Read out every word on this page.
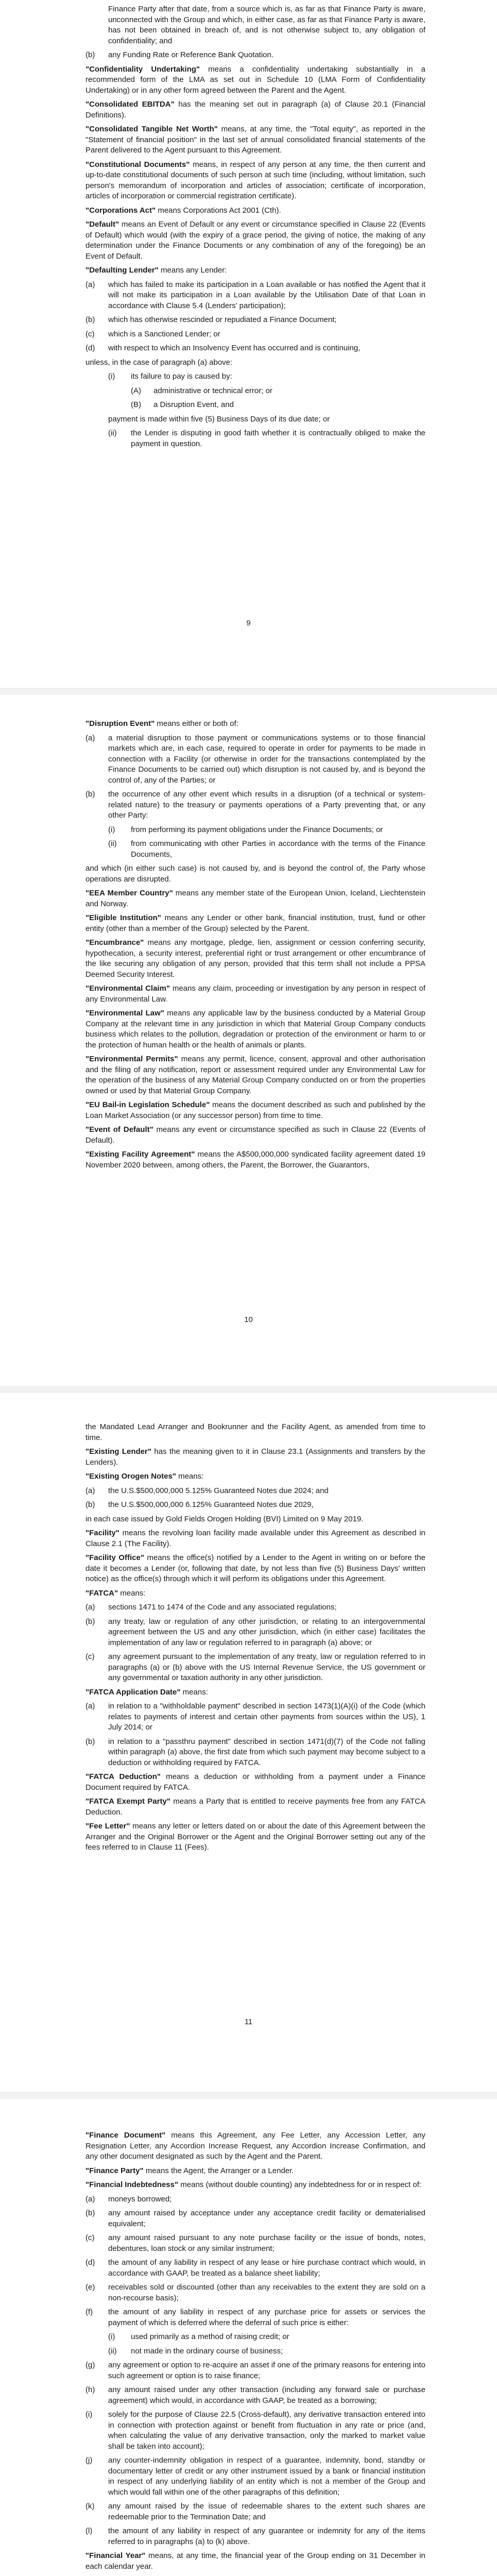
Finance Party after that date, from a source which is, as far as that Finance Party is aware, unconnected with the Group and which, in either case, as far as that Finance Party is aware, has not been obtained in breach of, and is not otherwise subject to, any obligation of confidentiality; and

(b)	any Funding Rate or Reference Bank Quotation.

"Confidentiality Undertaking" means a confidentiality undertaking substantially in a recommended form of the LMA as set out in Schedule 10 (LMA Form of Confidentiality Undertaking) or in any other form agreed between the Parent and the Agent.

"Consolidated EBITDA" has the meaning set out in paragraph (a) of Clause 20.1 (Financial Definitions).

"Consolidated Tangible Net Worth" means, at any time, the "Total equity", as reported in the "Statement of financial position" in the last set of annual consolidated financial statements of the Parent delivered to the Agent pursuant to this Agreement.

"Constitutional Documents" means, in respect of any person at any time, the then current and up-to-date constitutional documents of such person at such time (including, without limitation, such person's memorandum of incorporation and articles of association; certificate of incorporation, articles of incorporation or commercial registration certificate).

"Corporations Act" means Corporations Act 2001 (Cth).

"Default" means an Event of Default or any event or circumstance specified in Clause 22 (Events of Default) which would (with the expiry of a grace period, the giving of notice, the making of any determination under the Finance Documents or any combination of any of the foregoing) be an Event of Default.

"Defaulting Lender" means any Lender:

(a)	which has failed to make its participation in a Loan available or has notified the Agent that it will not make its participation in a Loan available by the Utilisation Date of that Loan in accordance with Clause 5.4 (Lenders' participation);
(b)	which has otherwise rescinded or repudiated a Finance Document;
(c)	which is a Sanctioned Lender; or
(d)	with respect to which an Insolvency Event has occurred and is continuing,

unless, in the case of paragraph (a) above:

(i)	its failure to pay is caused by:
(A)	administrative or technical error; or
(B)	a Disruption Event, and

payment is made within five (5) Business Days of its due date; or

(ii)	the Lender is disputing in good faith whether it is contractually obliged to make the payment in question.
9

"Disruption Event" means either or both of:

(a)	a material disruption to those payment or communications systems or to those financial markets which are, in each case, required to operate in order for payments to be made in connection with a Facility (or otherwise in order for the transactions contemplated by the Finance Documents to be carried out) which disruption is not caused by, and is beyond the control of, any of the Parties; or
(b)	the occurrence of any other event which results in a disruption (of a technical or system-related nature) to the treasury or payments operations of a Party preventing that, or any other Party:
(i)	from performing its payment obligations under the Finance Documents; or
(ii)	from communicating with other Parties in accordance with the terms of the Finance Documents,

and which (in either such case) is not caused by, and is beyond the control of, the Party whose operations are disrupted.

"EEA Member Country" means any member state of the European Union, Iceland, Liechtenstein and Norway.

"Eligible Institution" means any Lender or other bank, financial institution, trust, fund or other entity (other than a member of the Group) selected by the Parent.

"Encumbrance" means any mortgage, pledge, lien, assignment or cession conferring security, hypothecation, a security interest, preferential right or trust arrangement or other encumbrance of the like securing any obligation of any person, provided that this term shall not include a PPSA Deemed Security Interest.

"Environmental Claim" means any claim, proceeding or investigation by any person in respect of any Environmental Law.

"Environmental Law" means any applicable law by the business conducted by a Material Group Company at the relevant time in any jurisdiction in which that Material Group Company conducts business which relates to the pollution, degradation or protection of the environment or harm to or the protection of human health or the health of animals or plants.

"Environmental Permits" means any permit, licence, consent, approval and other authorisation and the filing of any notification, report or assessment required under any Environmental Law for the operation of the business of any Material Group Company conducted on or from the properties owned or used by that Material Group Company.

"EU Bail-in Legislation Schedule" means the document described as such and published by the Loan Market Association (or any successor person) from time to time.

"Event of Default" means any event or circumstance specified as such in Clause 22 (Events of Default).

"Existing Facility Agreement" means the A$500,000,000 syndicated facility agreement dated 19 November 2020 between, among others, the Parent, the Borrower, the Guarantors,

10

the Mandated Lead Arranger and Bookrunner and the Facility Agent, as amended from time to time.

"Existing Lender" has the meaning given to it in Clause 23.1 (Assignments and transfers by the Lenders).

"Existing Orogen Notes" means:

(a)	the U.S.$500,000,000 5.125% Guaranteed Notes due 2024; and
(b)	the U.S.$500,000,000 6.125% Guaranteed Notes due 2029,

in each case issued by Gold Fields Orogen Holding (BVI) Limited on 9 May 2019.

"Facility" means the revolving loan facility made available under this Agreement as described in Clause 2.1 (The Facility).

"Facility Office" means the office(s) notified by a Lender to the Agent in writing on or before the date it becomes a Lender (or, following that date, by not less than five (5) Business Days' written notice) as the office(s) through which it will perform its obligations under this Agreement.

"FATCA" means:

(a)	sections 1471 to 1474 of the Code and any associated regulations;
(b)	any treaty, law or regulation of any other jurisdiction, or relating to an intergovernmental agreement between the US and any other jurisdiction, which (in either case) facilitates the implementation of any law or regulation referred to in paragraph (a) above; or
(c)	any agreement pursuant to the implementation of any treaty, law or regulation referred to in paragraphs (a) or (b) above with the US Internal Revenue Service, the US government or any governmental or taxation authority in any other jurisdiction.

"FATCA Application Date" means:

(a)	in relation to a "withholdable payment" described in section 1473(1)(A)(i) of the Code (which relates to payments of interest and certain other payments from sources within the US), 1 July 2014; or
(b)	in relation to a "passthru payment" described in section 1471(d)(7) of the Code not falling within paragraph (a) above, the first date from which such payment may become subject to a deduction or withholding required by FATCA.

"FATCA Deduction" means a deduction or withholding from a payment under a Finance Document required by FATCA.

"FATCA Exempt Party" means a Party that is entitled to receive payments free from any FATCA Deduction.

"Fee Letter" means any letter or letters dated on or about the date of this Agreement between the Arranger and the Original Borrower or the Agent and the Original Borrower setting out any of the fees referred to in Clause 11 (Fees).

11

"Finance Document" means this Agreement, any Fee Letter, any Accession Letter, any Resignation Letter, any Accordion Increase Request, any Accordion Increase Confirmation, and any other document designated as such by the Agent and the Parent.

"Finance Party" means the Agent, the Arranger or a Lender.

"Financial Indebtedness" means (without double counting) any indebtedness for or in respect of:

(a)	moneys borrowed;
(b)	any amount raised by acceptance under any acceptance credit facility or dematerialised equivalent;
(c)	any amount raised pursuant to any note purchase facility or the issue of bonds, notes, debentures, loan stock or any similar instrument;
(d)	the amount of any liability in respect of any lease or hire purchase contract which would, in accordance with GAAP, be treated as a balance sheet liability;
(e)	receivables sold or discounted (other than any receivables to the extent they are sold on a non-recourse basis);
(f)	the amount of any liability in respect of any purchase price for assets or services the payment of which is deferred where the deferral of such price is either:
(i)	used primarily as a method of raising credit; or
(ii)	not made in the ordinary course of business;
(g)	any agreement or option to re-acquire an asset if one of the primary reasons for entering into such agreement or option is to raise finance;
(h)	any amount raised under any other transaction (including any forward sale or purchase agreement) which would, in accordance with GAAP, be treated as a borrowing;
(i)	solely for the purpose of Clause 22.5 (Cross-default), any derivative transaction entered into in connection with protection against or benefit from fluctuation in any rate or price (and, when calculating the value of any derivative transaction, only the marked to market value shall be taken into account);
(j)	any counter-indemnity obligation in respect of a guarantee, indemnity, bond, standby or documentary letter of credit or any other instrument issued by a bank or financial institution in respect of any underlying liability of an entity which is not a member of the Group and which would fall within one of the other paragraphs of this definition;
(k)	any amount raised by the issue of redeemable shares to the extent such shares are redeemable prior to the Termination Date; and
(l)	the amount of any liability in respect of any guarantee or indemnity for any of the items referred to in paragraphs (a) to (k) above.

"Financial Year" means, at any time, the financial year of the Group ending on 31 December in each calendar year.
